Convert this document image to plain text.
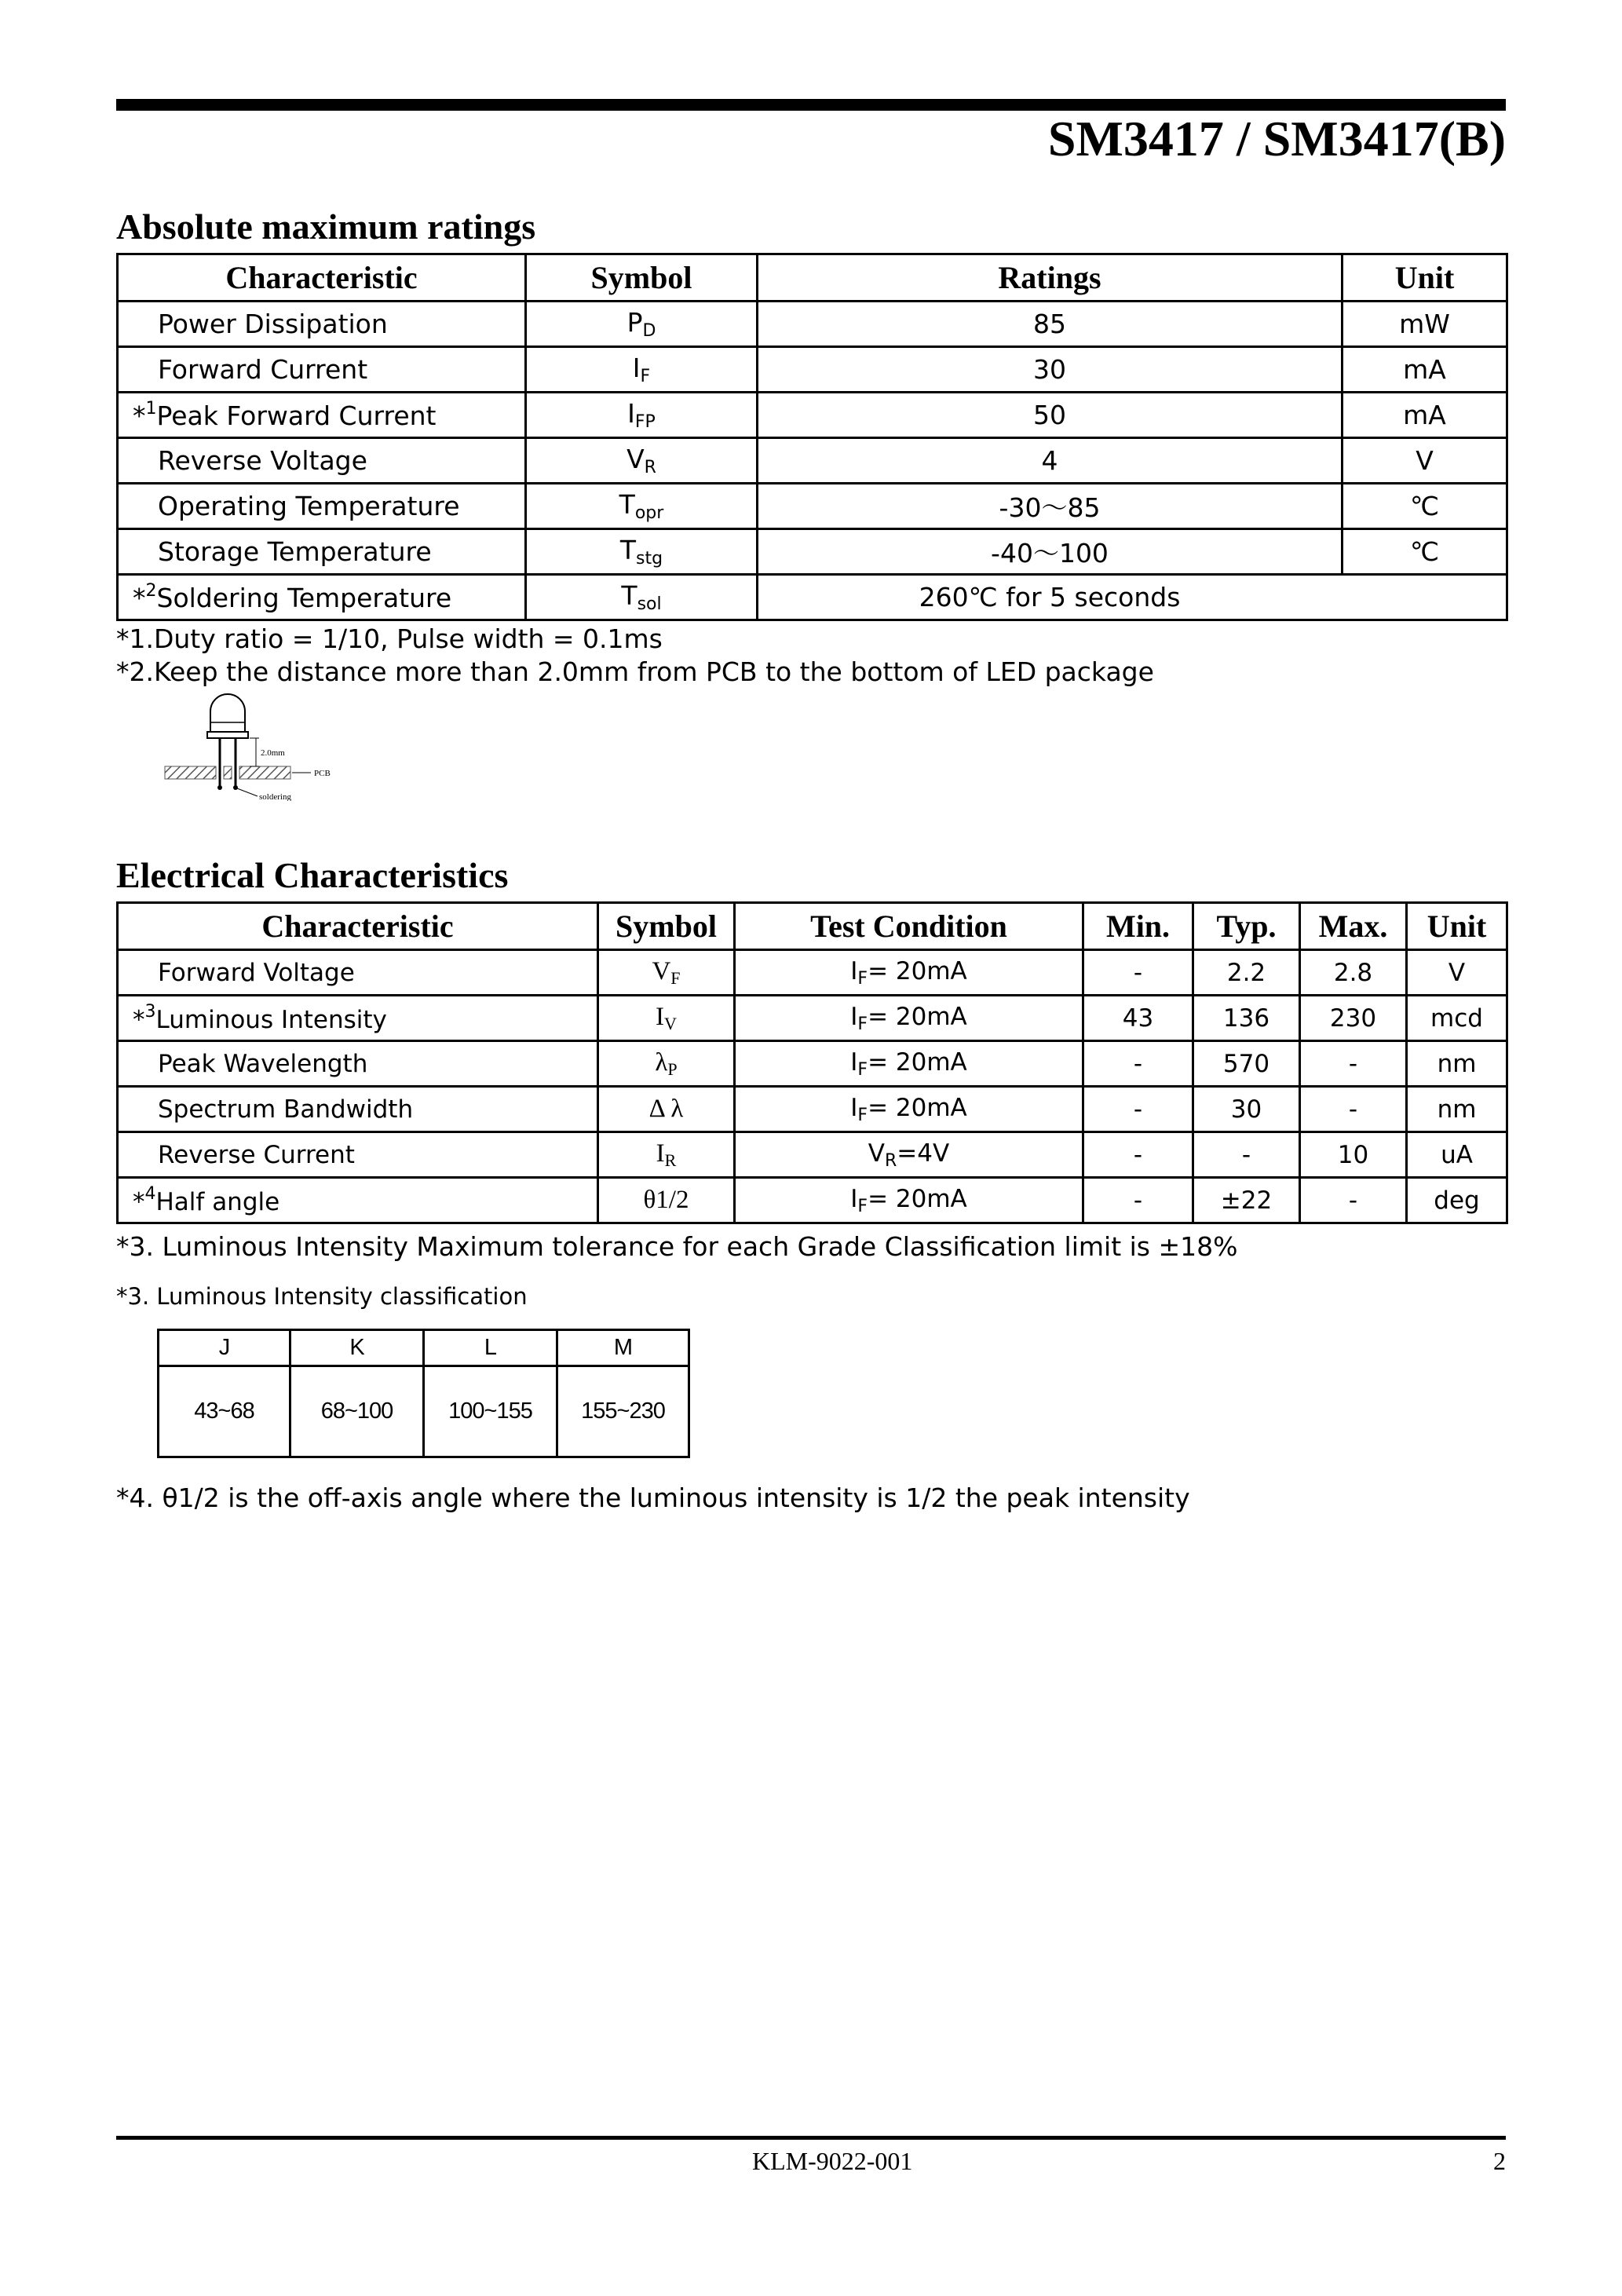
SM3417 / SM3417(B)
Absolute maximum ratings
Characteristic	Symbol	Ratings	Unit
Power Dissipation	$P_D$	85	mW
Forward Current	$I_F$	30	mA
*$^1$Peak Forward Current	$I_{FP}$	50	mA
Reverse Voltage	$V_R$	4	V
Operating Temperature	$T_{opr}$	-30～85	℃
Storage Temperature	$T_{stg}$	-40～100	℃
*$^2$Soldering Temperature	$T_{sol}$	260℃ for 5 seconds	
*1.Duty ratio = 1/10, Pulse width = 0.1ms
*2.Keep the distance more than 2.0mm from PCB to the bottom of LED package
2.0mm
PCB
soldering
Electrical Characteristics
Characteristic	Symbol	Test Condition	Min.	Typ.	Max.	Unit
Forward Voltage	$V_F$	$I_F= 20mA$	-	2.2	2.8	V
*$^3$Luminous Intensity	$I_V$	$I_F= 20mA$	43	136	230	mcd
Peak Wavelength	$\lambda_P$	$I_F= 20mA$	-	570	-	nm
Spectrum Bandwidth	Δ λ	$I_F= 20mA$	-	30	-	nm
Reverse Current	$I_R$	$V_R=4V$	-	-	10	uA
*$^4$Half angle	θ1/2	$I_F= 20mA$	-	±22	-	deg
*3. Luminous Intensity Maximum tolerance for each Grade Classification limit is ±18%
*3. Luminous Intensity classification
J	K	L	M
43~68	68~100	100~155	155~230
*4. θ1/2 is the off-axis angle where the luminous intensity is 1/2 the peak intensity
KLM-9022-001	2
